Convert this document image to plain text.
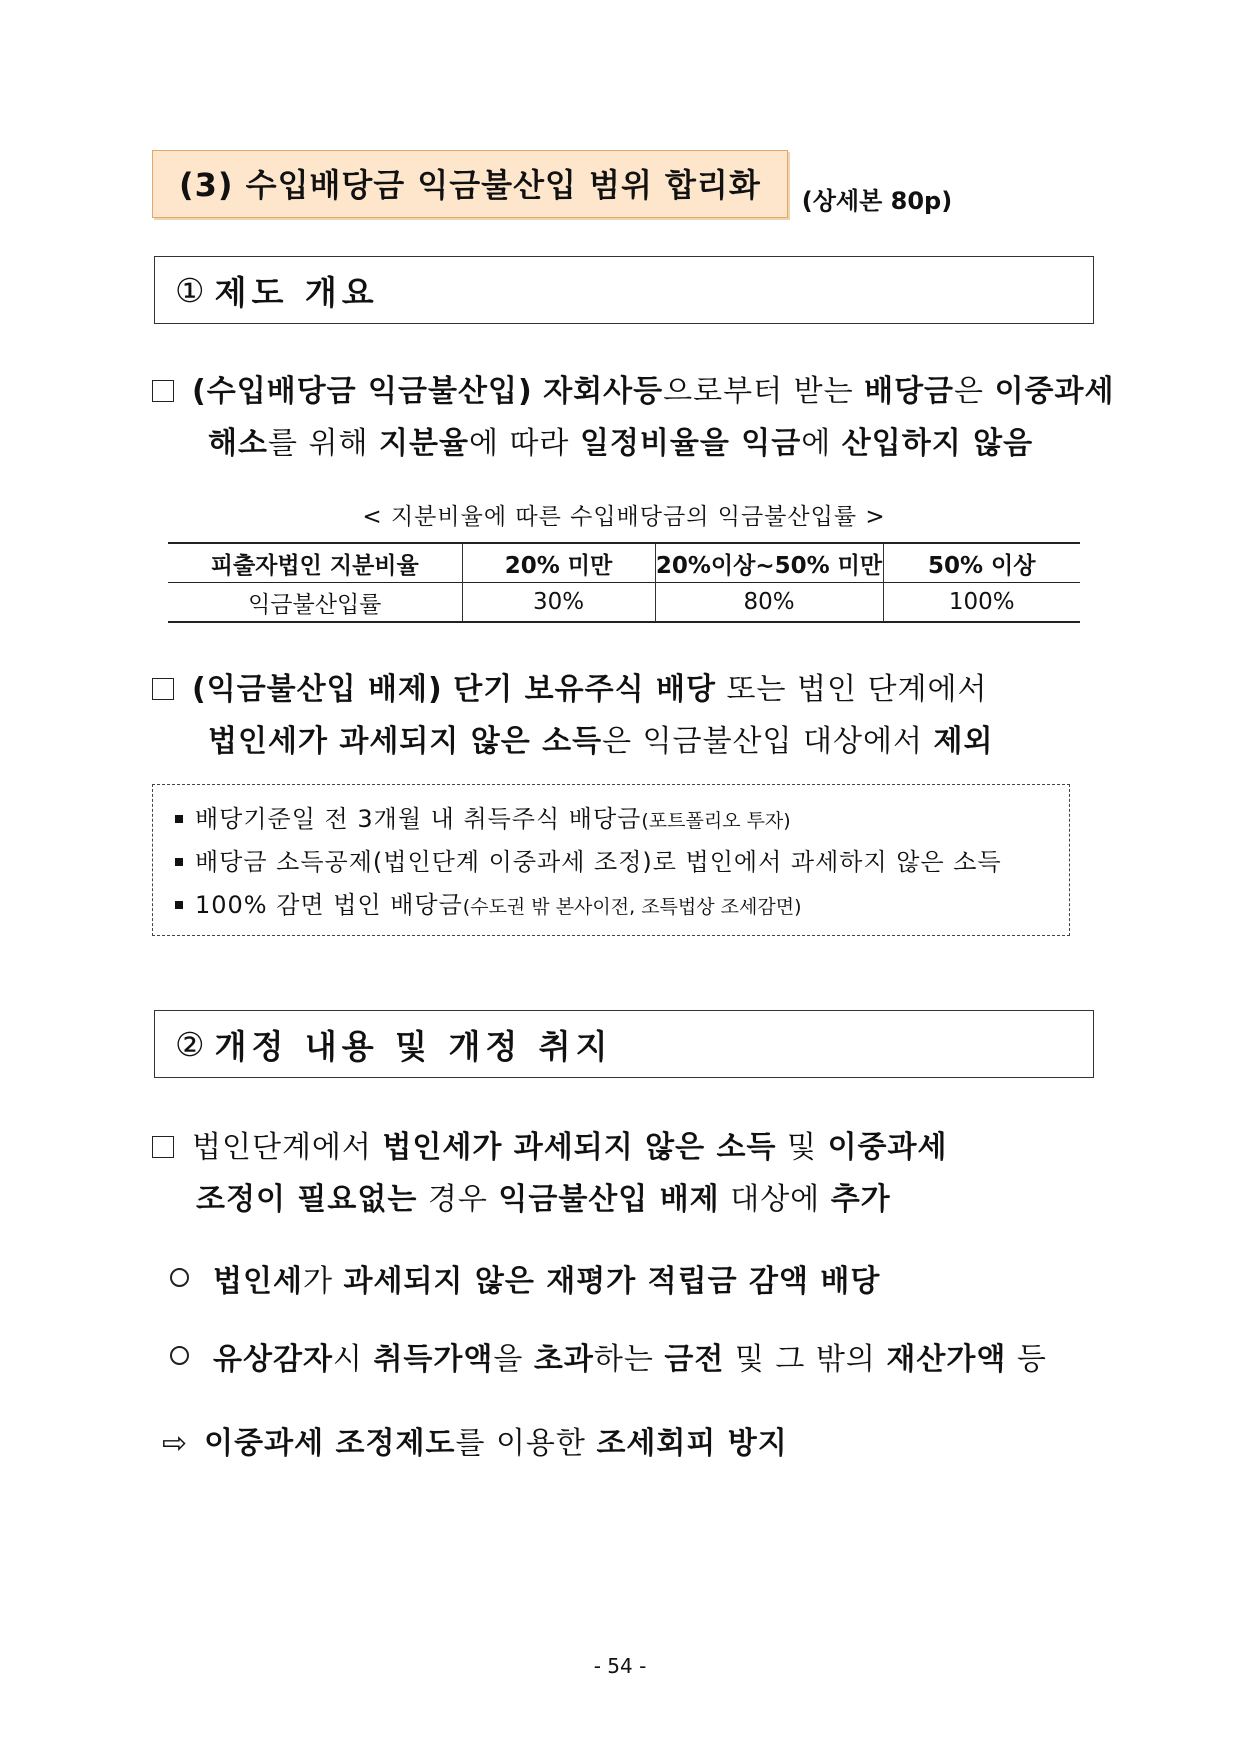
(3) 수입배당금 익금불산입 범위 합리화	(상세본 80p)
① 제도 개요
(수입배당금 익금불산입) 자회사등으로부터 받는 배당금은 이중과세
해소를 위해 지분율에 따라 일정비율을 익금에 산입하지 않음
< 지분비율에 따른 수입배당금의 익금불산입률 >
피출자법인 지분비율	20% 미만	20%이상~50% 미만	50% 이상
익금불산입률	30%	80%	100%
(익금불산입 배제) 단기 보유주식 배당 또는 법인 단계에서
법인세가 과세되지 않은 소득은 익금불산입 대상에서 제외
배당기준일 전 3개월 내 취득주식 배당금(포트폴리오 투자)
배당금 소득공제(법인단계 이중과세 조정)로 법인에서 과세하지 않은 소득
100% 감면 법인 배당금(수도권 밖 본사이전, 조특법상 조세감면)
② 개정 내용 및 개정 취지
법인단계에서 법인세가 과세되지 않은 소득 및 이중과세
조정이 필요없는 경우 익금불산입 배제 대상에 추가
법인세가 과세되지 않은 재평가 적립금 감액 배당
유상감자시 취득가액을 초과하는 금전 및 그 밖의 재산가액 등
⇨ 이중과세 조정제도를 이용한 조세회피 방지
- 54 -
